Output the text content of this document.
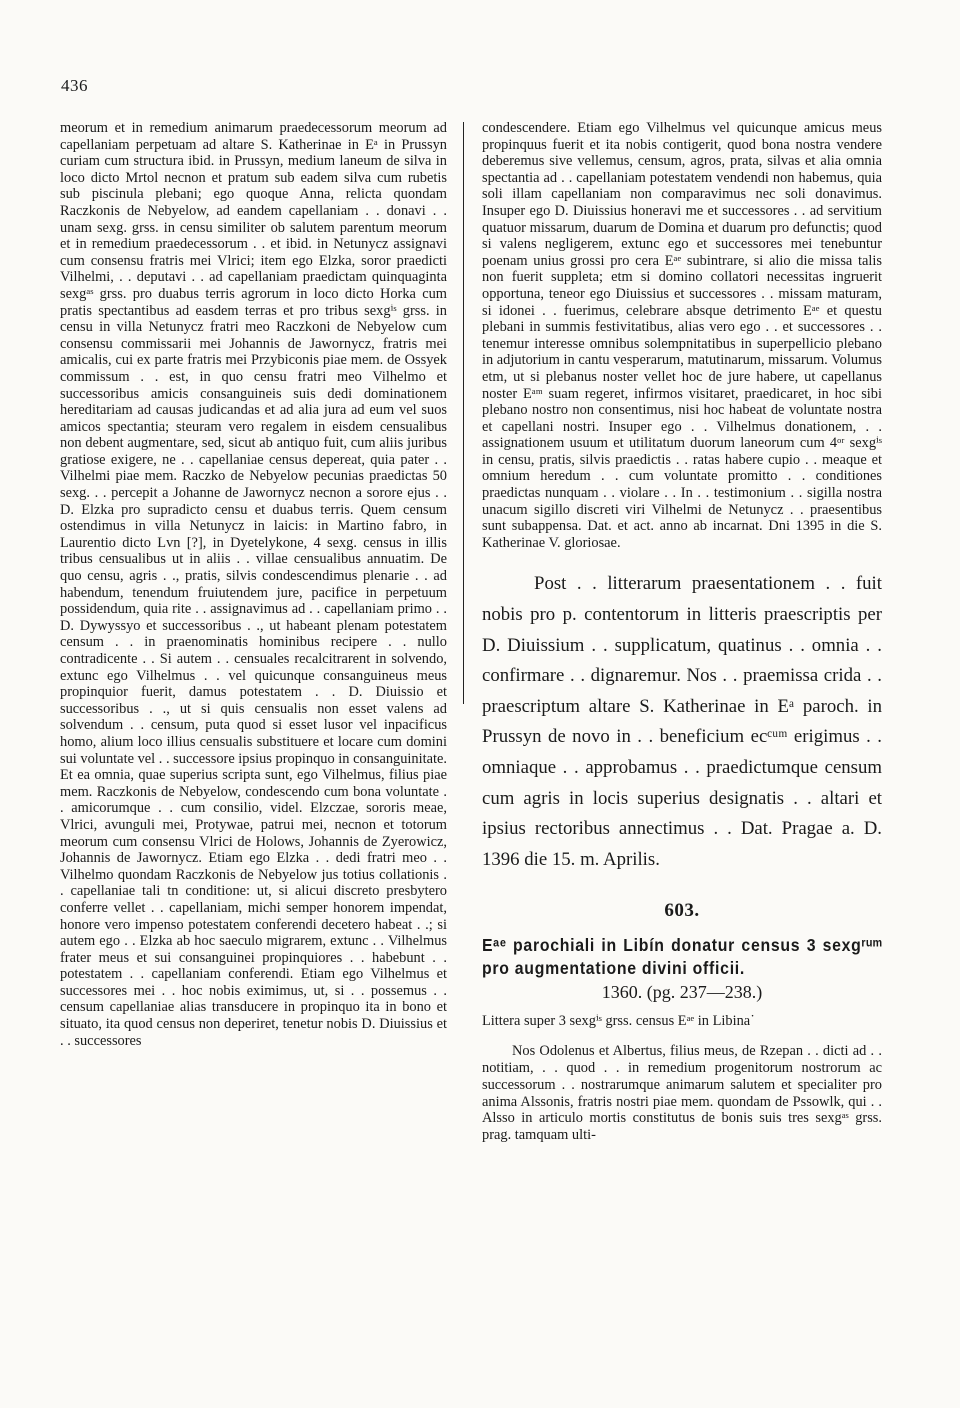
436

meorum et in remedium animarum praedecessorum meorum ad capellaniam perpetuam ad altare S. Katherinae in Eᵃ in Prussyn curiam cum structura ibid. in Prussyn, medium laneum de silva in loco dicto Mrtol necnon et pratum sub eadem silva cum rubetis sub piscinula plebani; ego quoque Anna, relicta quondam Raczkonis de Nebyelow, ad eandem capellaniam . . donavi . . unam sexg. grss. in censu similiter ob salutem parentum meorum et in remedium praedecessorum . . et ibid. in Netunycz assignavi cum consensu fratris mei Vlrici; item ego Elzka, soror praedicti Vilhelmi, . . deputavi . . ad capellaniam praedictam quinquaginta sexgᵃˢ grss. pro duabus terris agrorum in loco dicto Horka cum pratis spectantibus ad easdem terras et pro tribus sexgⁱˢ grss. in censu in villa Netunycz fratri meo Raczkoni de Nebyelow cum consensu commissarii mei Johannis de Jawornycz, fratris mei amicalis, cui ex parte fratris mei Przybiconis piae mem. de Ossyek commissum . . est, in quo censu fratri meo Vilhelmo et successoribus amicis consanguineis suis dedi dominationem hereditariam ad causas judicandas et ad alia jura ad eum vel suos amicos spectantia; steuram vero regalem in eisdem censualibus non debent augmentare, sed, sicut ab antiquo fuit, cum aliis juribus gratiose exigere, ne . . capellaniae census depereat, quia pater . . Vilhelmi piae mem. Raczko de Nebyelow pecunias praedictas 50 sexg. . . percepit a Johanne de Jawornycz necnon a sorore ejus . . D. Elzka pro supradicto censu et duabus terris. Quem censum ostendimus in villa Netunycz in laicis: in Martino fabro, in Laurentio dicto Lvn [?], in Dyetelykone, 4 sexg. census in illis tribus censualibus ut in aliis . . villae censualibus annuatim. De quo censu, agris . ., pratis, silvis condescendimus plenarie . . ad habendum, tenendum fruiutendem jure, pacifice in perpetuum possidendum, quia rite . . assignavimus ad . . capellaniam primo . . D. Dywyssyo et successoribus . ., ut habeant plenam potestatem censum . . in praenominatis hominibus recipere . . nullo contradicente . . Si autem . . censuales recalcitrarent in solvendo, extunc ego Vilhelmus . . vel quicunque consanguineus meus propinquior fuerit, damus potestatem . . D. Diuissio et successoribus . ., ut si quis censualis non esset valens ad solvendum . . censum, puta quod si esset lusor vel inpacificus homo, alium loco illius censualis substituere et locare cum domini sui voluntate vel . . successore ipsius propinquo in consanguinitate. Et ea omnia, quae superius scripta sunt, ego Vilhelmus, filius piae mem. Raczkonis de Nebyelow, condescendo cum bona voluntate . . amicorumque . . cum consilio, videl. Elzczae, sororis meae, Vlrici, avunguli mei, Protywae, patrui mei, necnon et totorum meorum cum consensu Vlrici de Holows, Johannis de Zyerowicz, Johannis de Jawornycz. Etiam ego Elzka . . dedi fratri meo . . Vilhelmo quondam Raczkonis de Nebyelow jus totius collationis . . capellaniae tali tn conditione: ut, si alicui discreto presbytero conferre vellet . . capellaniam, michi semper honorem impendat, honore vero impenso potestatem conferendi decetero habeat . .; si autem ego . . Elzka ab hoc saeculo migrarem, extunc . . Vilhelmus frater meus et sui consanguinei propinquiores . . habebunt . . potestatem . . capellaniam conferendi. Etiam ego Vilhelmus et successores mei . . hoc nobis eximimus, ut, si . . possemus . . censum capellaniae alias transducere in propinquo ita in bono et situato, ita quod census non deperiret, tenetur nobis D. Diuissius et . . successores

condescendere. Etiam ego Vilhelmus vel quicunque amicus meus propinquus fuerit et ita nobis contigerit, quod bona nostra vendere deberemus sive vellemus, censum, agros, prata, silvas et alia omnia spectantia ad . . capellaniam potestatem vendendi non habemus, quia soli illam capellaniam non comparavimus nec soli donavimus. Insuper ego D. Diuissius honeravi me et successores . . ad servitium quatuor missarum, duarum de Domina et duarum pro defunctis; quod si valens negligerem, extunc ego et successores mei tenebuntur poenam unius grossi pro cera Eᵃᵉ subintrare, si alio die missa talis non fuerit suppleta; etm si domino collatori necessitas ingruerit opportuna, teneor ego Diuissius et successores . . missam maturam, si idonei . . fuerimus, celebrare absque detrimento Eᵃᵉ et questu plebani in summis festivitatibus, alias vero ego . . et successores . . tenemur interesse omnibus solempnitatibus in superpellicio plebano in adjutorium in cantu vesperarum, matutinarum, missarum. Volumus etm, ut si plebanus noster vellet hoc de jure habere, ut capellanus noster Eᵃᵐ suam regeret, infirmos visitaret, praedicaret, in hoc sibi plebano nostro non consentimus, nisi hoc habeat de voluntate nostra et capellani nostri. Insuper ego . . Vilhelmus donationem, . . assignationem usuum et utilitatum duorum laneorum cum 4ᵒʳ sexgⁱˢ in censu, pratis, silvis praedictis . . ratas habere cupio . . meaque et omnium heredum . . cum voluntate promitto . . conditiones praedictas nunquam . . violare . . In . . testimonium . . sigilla nostra unacum sigillo discreti viri Vilhelmi de Netunycz . . praesentibus sunt subappensa. Dat. et act. anno ab incarnat. Dni 1395 in die S. Katherinae V. gloriosae.

Post . . litterarum praesentationem . . fuit nobis pro p. contentorum in litteris praescriptis per D. Diuissium . . supplicatum, quatinus . . omnia . . confirmare . . dignaremur. Nos . . praemissa crida . . praescriptum altare S. Katherinae in Eᵃ paroch. in Prussyn de novo in . . beneficium ecᶜᵘᵐ erigimus . . omniaque . . approbamus . . praedictumque censum cum agris in locis superius designatis . . altari et ipsius rectoribus annectimus . . Dat. Pragae a. D. 1396 die 15. m. Aprilis.

603.
Eᵃᵉ parochiali in Libín donatur census 3 sexgʳᵘᵐ pro augmentatione divini officii.
1360. (pg. 237—238.)
Littera super 3 sexgⁱˢ grss. census Eᵃᵉ in Libina˙

Nos Odolenus et Albertus, filius meus, de Rzepan . . dicti ad . . notitiam, . . quod . . in remedium progenitorum nostrorum ac successorum . . nostrarumque animarum salutem et specialiter pro anima Alssonis, fratris nostri piae mem. quondam de Pssowlk, qui . . Alsso in articulo mortis constitutus de bonis suis tres sexgᵃˢ grss. prag. tamquam ulti-
